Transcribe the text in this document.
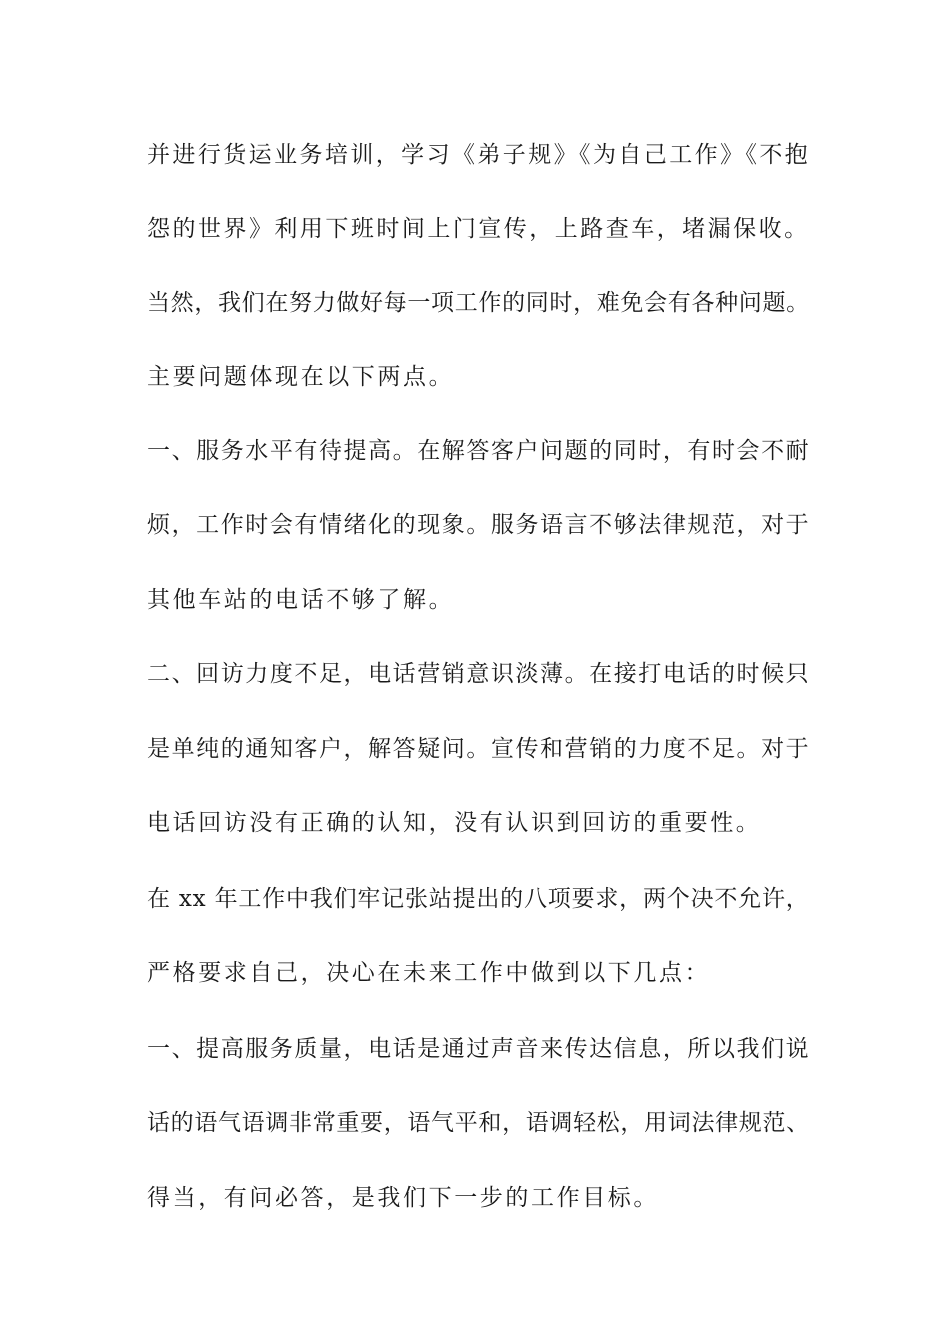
并进行货运业务培训，学习《弟子规》《为自己工作》《不抱
怨的世界》利用下班时间上门宣传，上路查车，堵漏保收。
当然，我们在努力做好每一项工作的同时，难免会有各种问题。
主要问题体现在以下两点。
一、服务水平有待提高。在解答客户问题的同时，有时会不耐
烦，工作时会有情绪化的现象。服务语言不够法律规范，对于
其他车站的电话不够了解。
二、回访力度不足，电话营销意识淡薄。在接打电话的时候只
是单纯的通知客户，解答疑问。宣传和营销的力度不足。对于
电话回访没有正确的认知，没有认识到回访的重要性。
在 xx 年工作中我们牢记张站提出的八项要求，两个决不允许，
严格要求自己，决心在未来工作中做到以下几点：
一、提高服务质量，电话是通过声音来传达信息，所以我们说
话的语气语调非常重要，语气平和，语调轻松，用词法律规范、
得当，有问必答，是我们下一步的工作目标。
